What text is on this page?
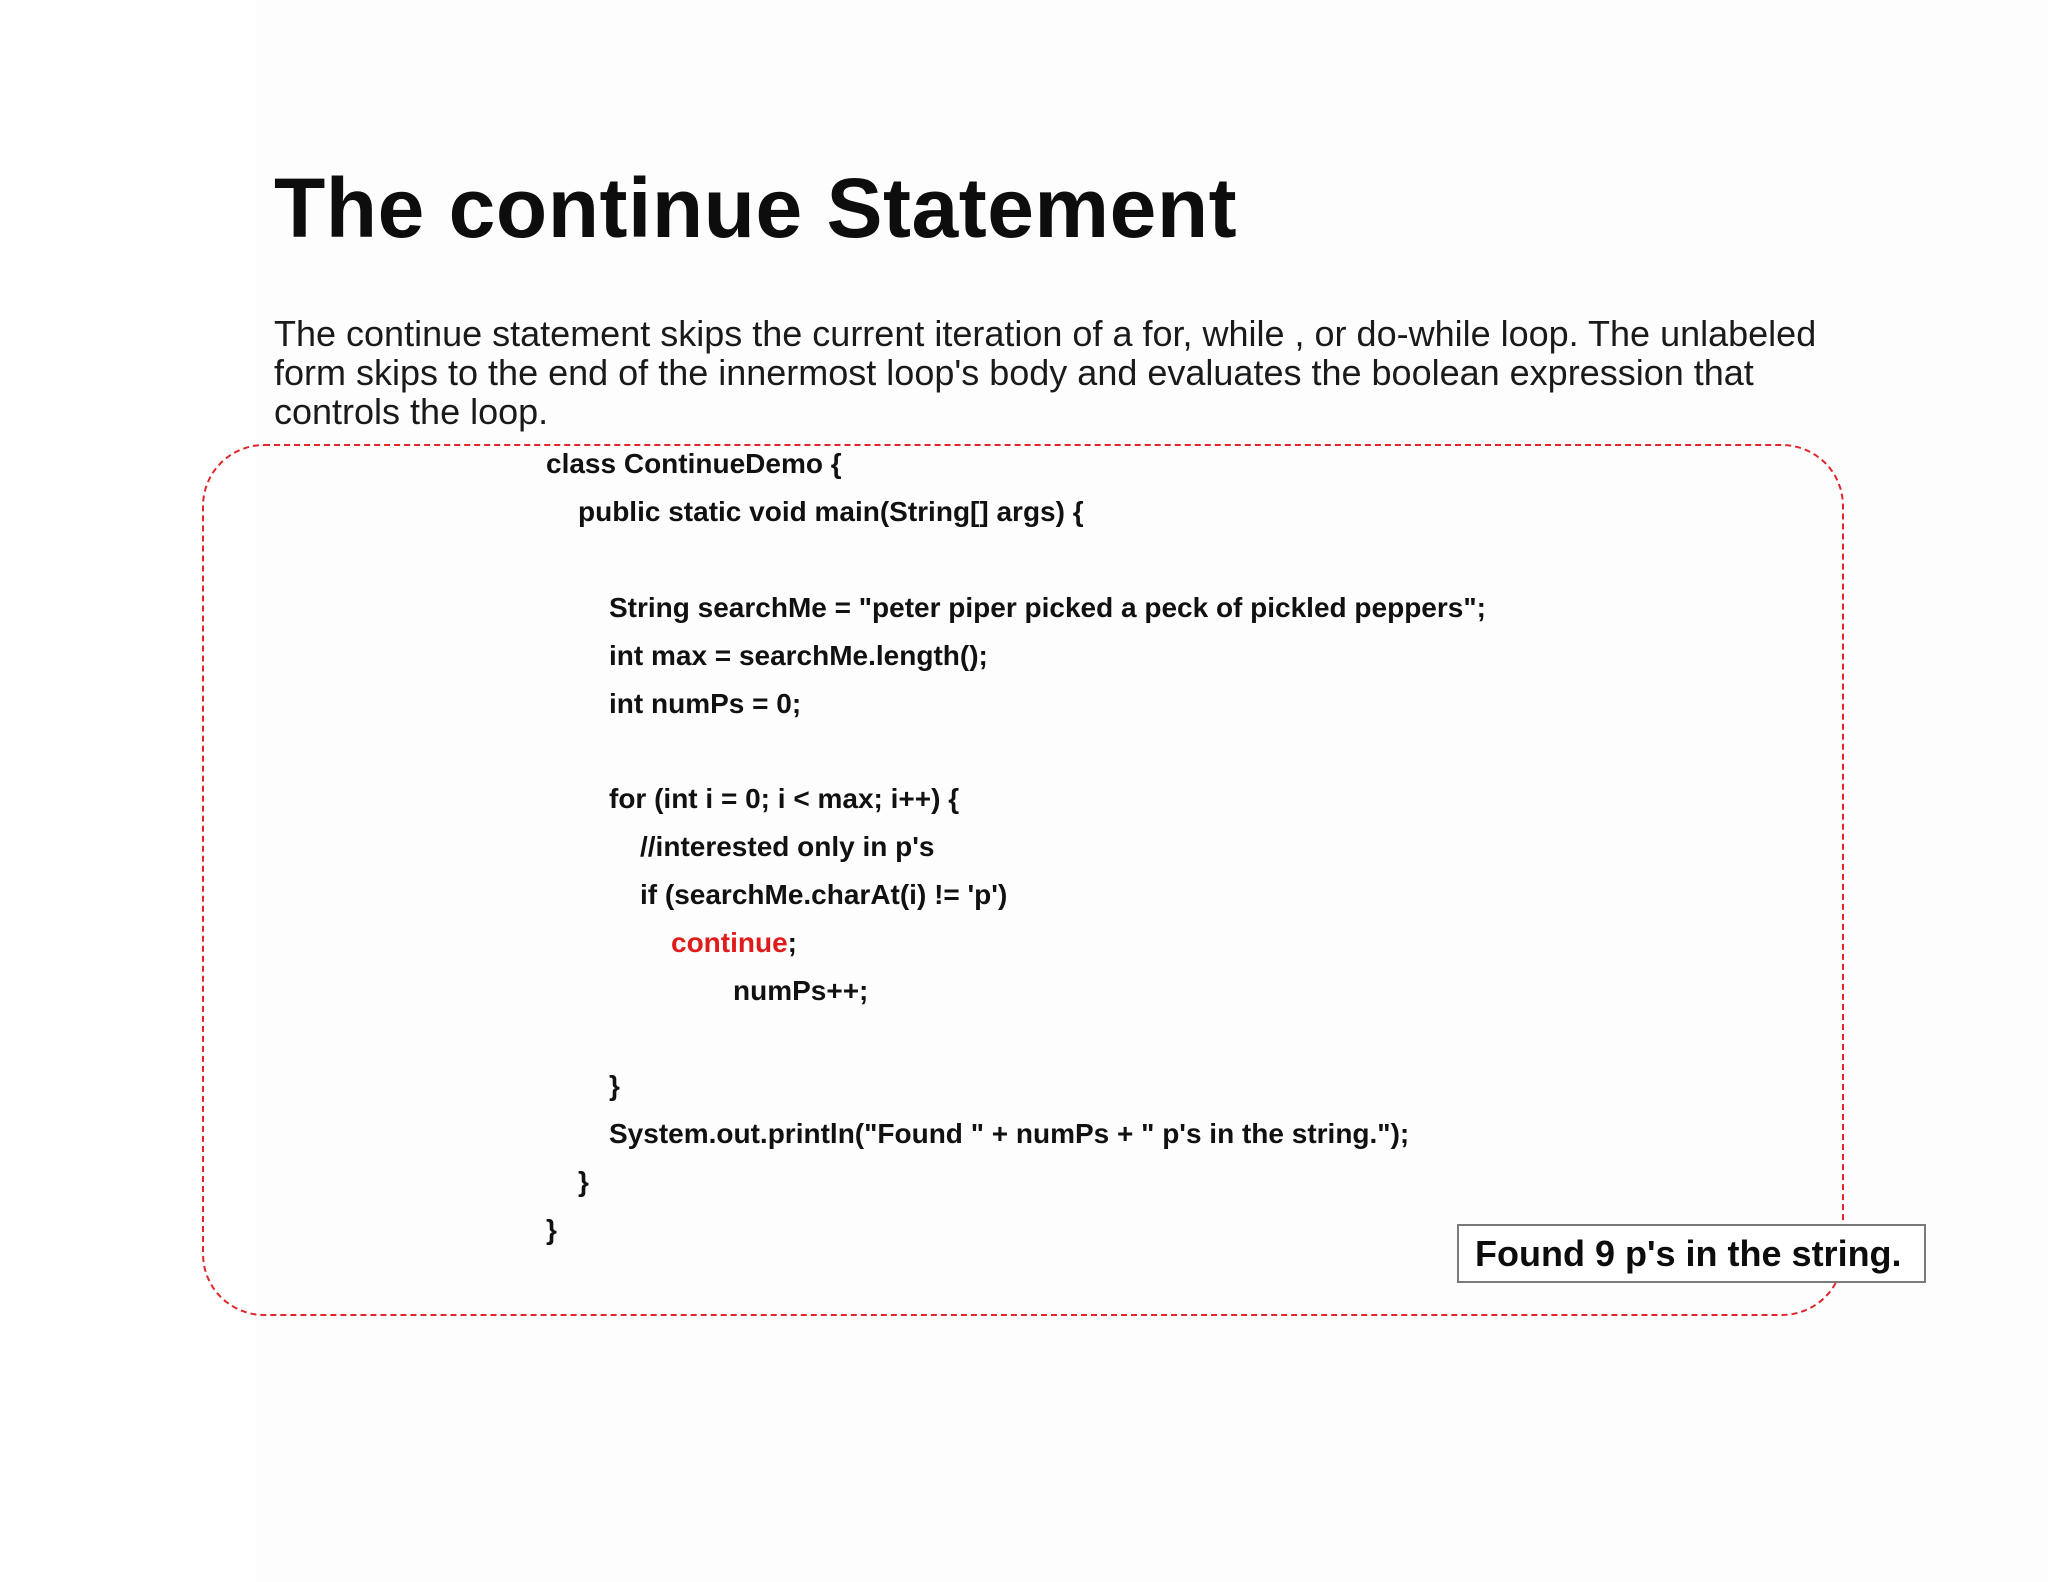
The continue Statement

The continue statement skips the current iteration of a for, while , or do-while loop. The unlabeled form skips to the end of the innermost loop's body and evaluates the boolean expression that controls the loop.

class ContinueDemo {
public static void main(String[] args) {
String searchMe = "peter piper picked a peck of pickled peppers";
int max = searchMe.length();
int numPs = 0;
for (int i = 0; i < max; i++) {
//interested only in p's
if (searchMe.charAt(i) != 'p')
continue;
numPs++;
}
System.out.println("Found " + numPs + " p's in the string.");
}
}
Found 9 p's in the string.
